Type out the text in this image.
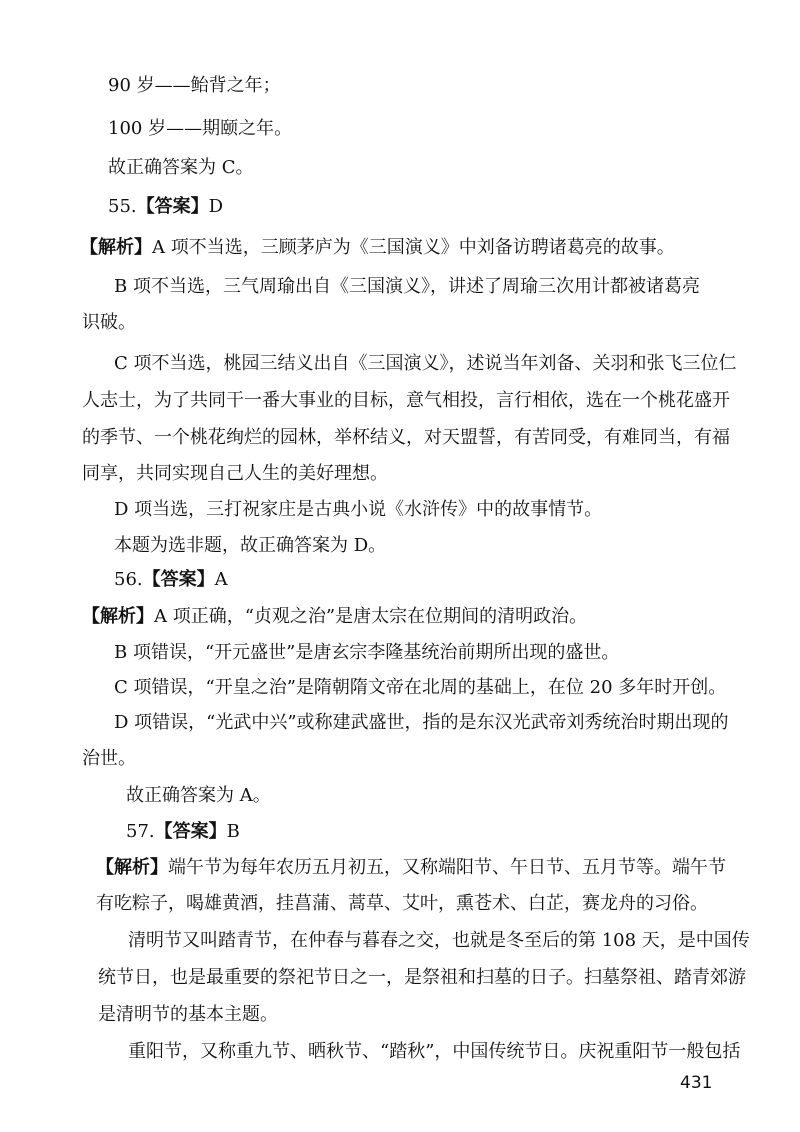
90 岁——鲐背之年；
100 岁——期颐之年。
故正确答案为 C。
55.【答案】D
【解析】A 项不当选，三顾茅庐为《三国演义》中刘备访聘诸葛亮的故事。
B 项不当选，三气周瑜出自《三国演义》，讲述了周瑜三次用计都被诸葛亮
识破。
C 项不当选，桃园三结义出自《三国演义》，述说当年刘备、关羽和张飞三位仁
人志士，为了共同干一番大事业的目标，意气相投，言行相依，选在一个桃花盛开
的季节、一个桃花绚烂的园林，举杯结义，对天盟誓，有苦同受，有难同当，有福
同享，共同实现自己人生的美好理想。
D 项当选，三打祝家庄是古典小说《水浒传》中的故事情节。
本题为选非题，故正确答案为 D。
56.【答案】A
【解析】A 项正确，“贞观之治”是唐太宗在位期间的清明政治。
B 项错误，“开元盛世”是唐玄宗李隆基统治前期所出现的盛世。
C 项错误，“开皇之治”是隋朝隋文帝在北周的基础上，在位 20 多年时开创。
D 项错误，“光武中兴”或称建武盛世，指的是东汉光武帝刘秀统治时期出现的
治世。
故正确答案为 A。
57.【答案】B
【解析】端午节为每年农历五月初五，又称端阳节、午日节、五月节等。端午节
有吃粽子，喝雄黄酒，挂菖蒲、蒿草、艾叶，熏苍术、白芷，赛龙舟的习俗。
清明节又叫踏青节，在仲春与暮春之交，也就是冬至后的第 108 天，是中国传
统节日，也是最重要的祭祀节日之一，是祭祖和扫墓的日子。扫墓祭祖、踏青郊游
是清明节的基本主题。
重阳节，又称重九节、晒秋节、“踏秋”，中国传统节日。庆祝重阳节一般包括
431
